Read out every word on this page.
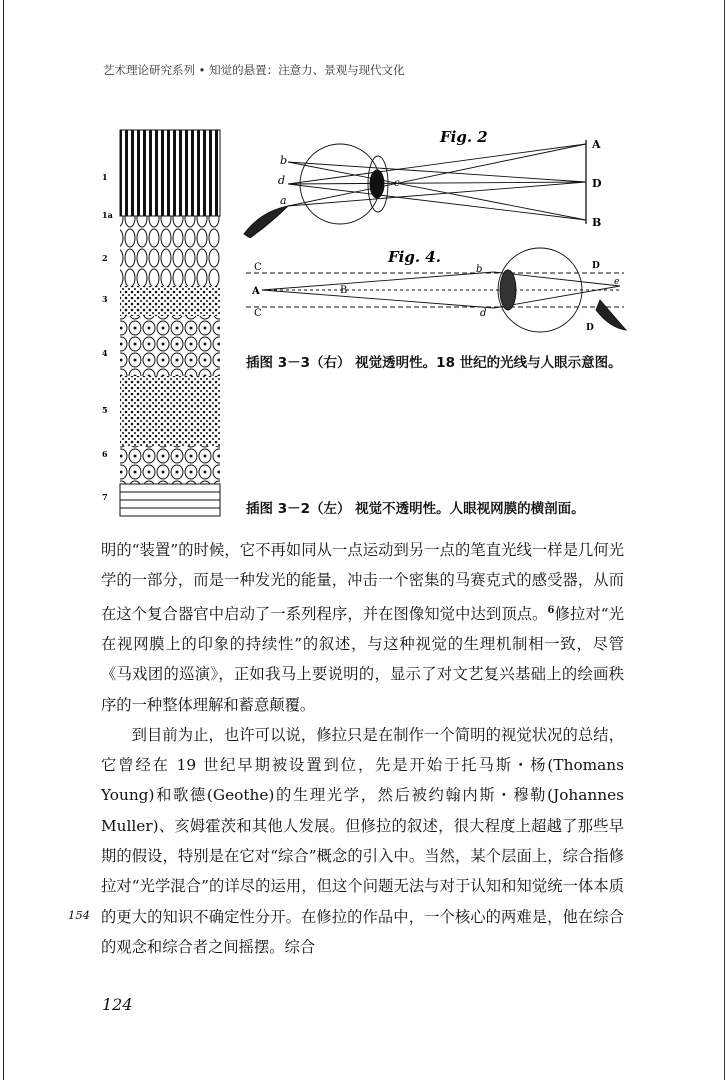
艺术理论研究系列 • 知觉的悬置：注意力、景观与现代文化
1
1a
2
3
4
5
6
7
Fig. 2
b
d
a
c
A
D
B
Fig. 4.
C
A	B
C
b
d
D
D
e
插图 3－3（右） 视觉透明性。18 世纪的光线与人眼示意图。
插图 3－2（左） 视觉不透明性。人眼视网膜的横剖面。

明的“装置”的时候，它不再如同从一点运动到另一点的笔直光线一样是几何光学的一部分，而是一种发光的能量，冲击一个密集的马赛克式的感受器，从而在这个复合器官中启动了一系列程序，并在图像知觉中达到顶点。$^6$修拉对“光在视网膜上的印象的持续性”的叙述，与这种视觉的生理机制相一致，尽管《马戏团的巡演》，正如我马上要说明的，显示了对文艺复兴基础上的绘画秩序的一种整体理解和蓄意颠覆。

到目前为止，也许可以说，修拉只是在制作一个简明的视觉状况的总结，它曾经在 19 世纪早期被设置到位，先是开始于托马斯・杨(Thomans Young)和歌德(Geothe)的生理光学，然后被约翰内斯・穆勒(Johannes Muller)、亥姆霍茨和其他人发展。但修拉的叙述，很大程度上超越了那些早期的假设，特别是在它对“综合”概念的引入中。当然，某个层面上，综合指修拉对“光学混合”的详尽的运用，但这个问题无法与对于认知和知觉统一体本质的更大的知识不确定性分开。在修拉的作品中，一个核心的两难是，他在综合的观念和综合者之间摇摆。综合

154
124
